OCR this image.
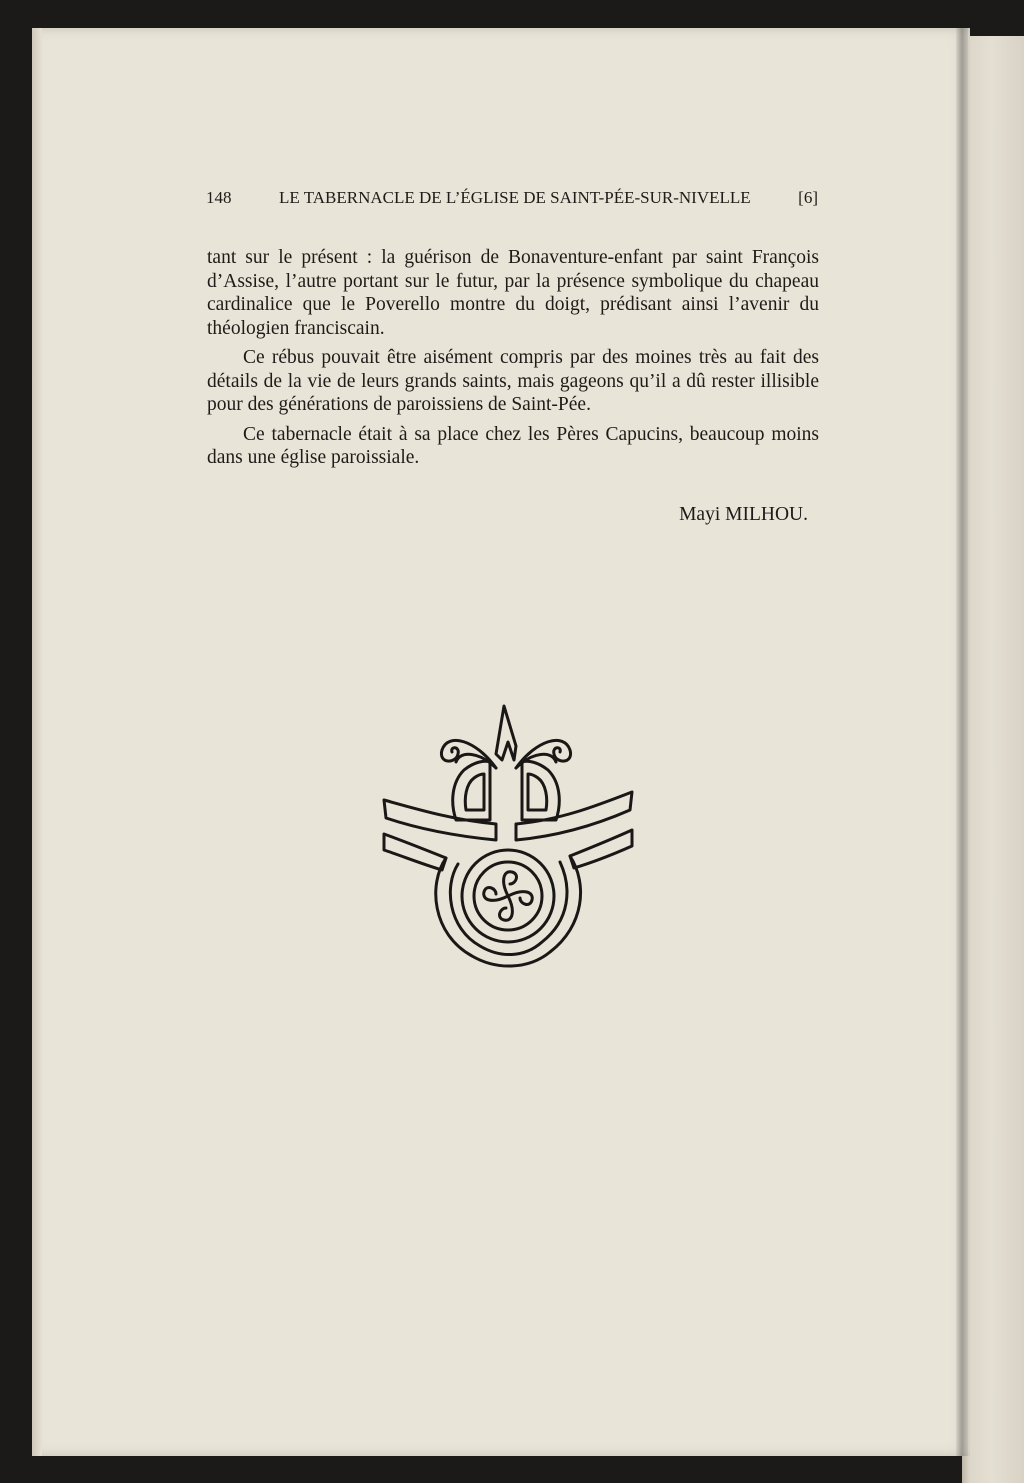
148	LE TABERNACLE DE L’ÉGLISE DE SAINT-PÉE-SUR-NIVELLE	[6]

tant sur le présent : la guérison de Bonaventure-enfant par saint François d’Assise, l’autre portant sur le futur, par la présence symbolique du chapeau cardinalice que le Poverello montre du doigt, prédisant ainsi l’avenir du théologien franciscain.

Ce rébus pouvait être aisément compris par des moines très au fait des détails de la vie de leurs grands saints, mais gageons qu’il a dû rester illisible pour des générations de paroissiens de Saint-Pée.

Ce tabernacle était à sa place chez les Pères Capucins, beaucoup moins dans une église paroissiale.

Mayi MILHOU.
